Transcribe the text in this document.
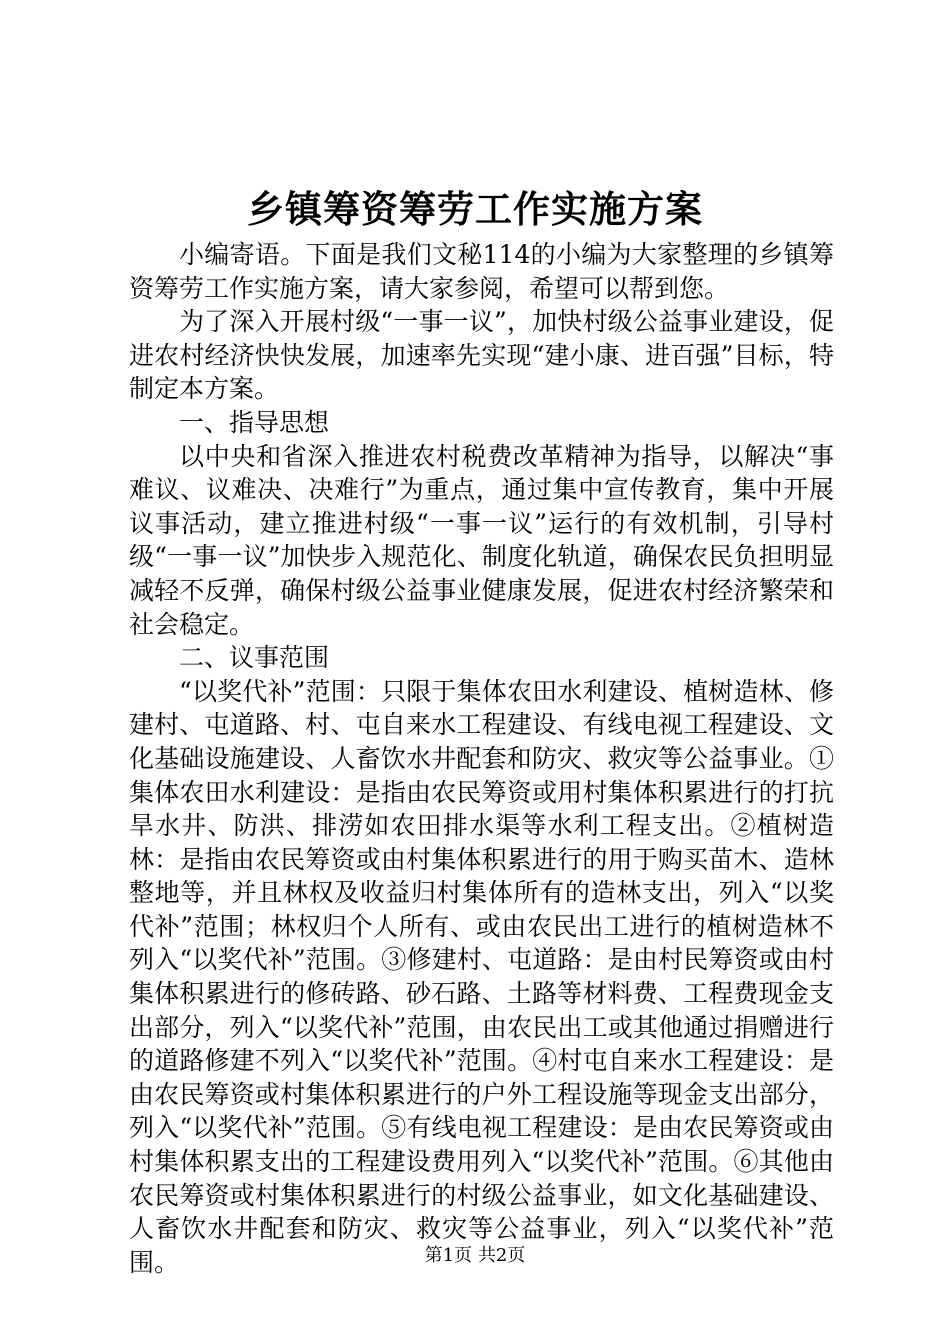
乡镇筹资筹劳工作实施方案

小编寄语。下面是我们文秘114的小编为大家整理的乡镇筹资筹劳工作实施方案，请大家参阅，希望可以帮到您。

为了深入开展村级“一事一议”，加快村级公益事业建设，促进农村经济快快发展，加速率先实现“建小康、进百强”目标，特制定本方案。

一、指导思想

以中央和省深入推进农村税费改革精神为指导，以解决“事难议、议难决、决难行”为重点，通过集中宣传教育，集中开展议事活动，建立推进村级“一事一议”运行的有效机制，引导村级“一事一议”加快步入规范化、制度化轨道，确保农民负担明显减轻不反弹，确保村级公益事业健康发展，促进农村经济繁荣和社会稳定。

二、议事范围

“以奖代补”范围：只限于集体农田水利建设、植树造林、修建村、屯道路、村、屯自来水工程建设、有线电视工程建设、文化基础设施建设、人畜饮水井配套和防灾、救灾等公益事业。①集体农田水利建设：是指由农民筹资或用村集体积累进行的打抗旱水井、防洪、排涝如农田排水渠等水利工程支出。②植树造林：是指由农民筹资或由村集体积累进行的用于购买苗木、造林整地等，并且林权及收益归村集体所有的造林支出，列入“以奖代补”范围；林权归个人所有、或由农民出工进行的植树造林不列入“以奖代补”范围。③修建村、屯道路：是由村民筹资或由村集体积累进行的修砖路、砂石路、土路等材料费、工程费现金支出部分，列入“以奖代补”范围，由农民出工或其他通过捐赠进行的道路修建不列入“以奖代补”范围。④村屯自来水工程建设：是由农民筹资或村集体积累进行的户外工程设施等现金支出部分，列入“以奖代补”范围。⑤有线电视工程建设：是由农民筹资或由村集体积累支出的工程建设费用列入“以奖代补”范围。⑥其他由农民筹资或村集体积累进行的村级公益事业，如文化基础建设、人畜饮水井配套和防灾、救灾等公益事业，列入“以奖代补”范围。	第1页 共2页
